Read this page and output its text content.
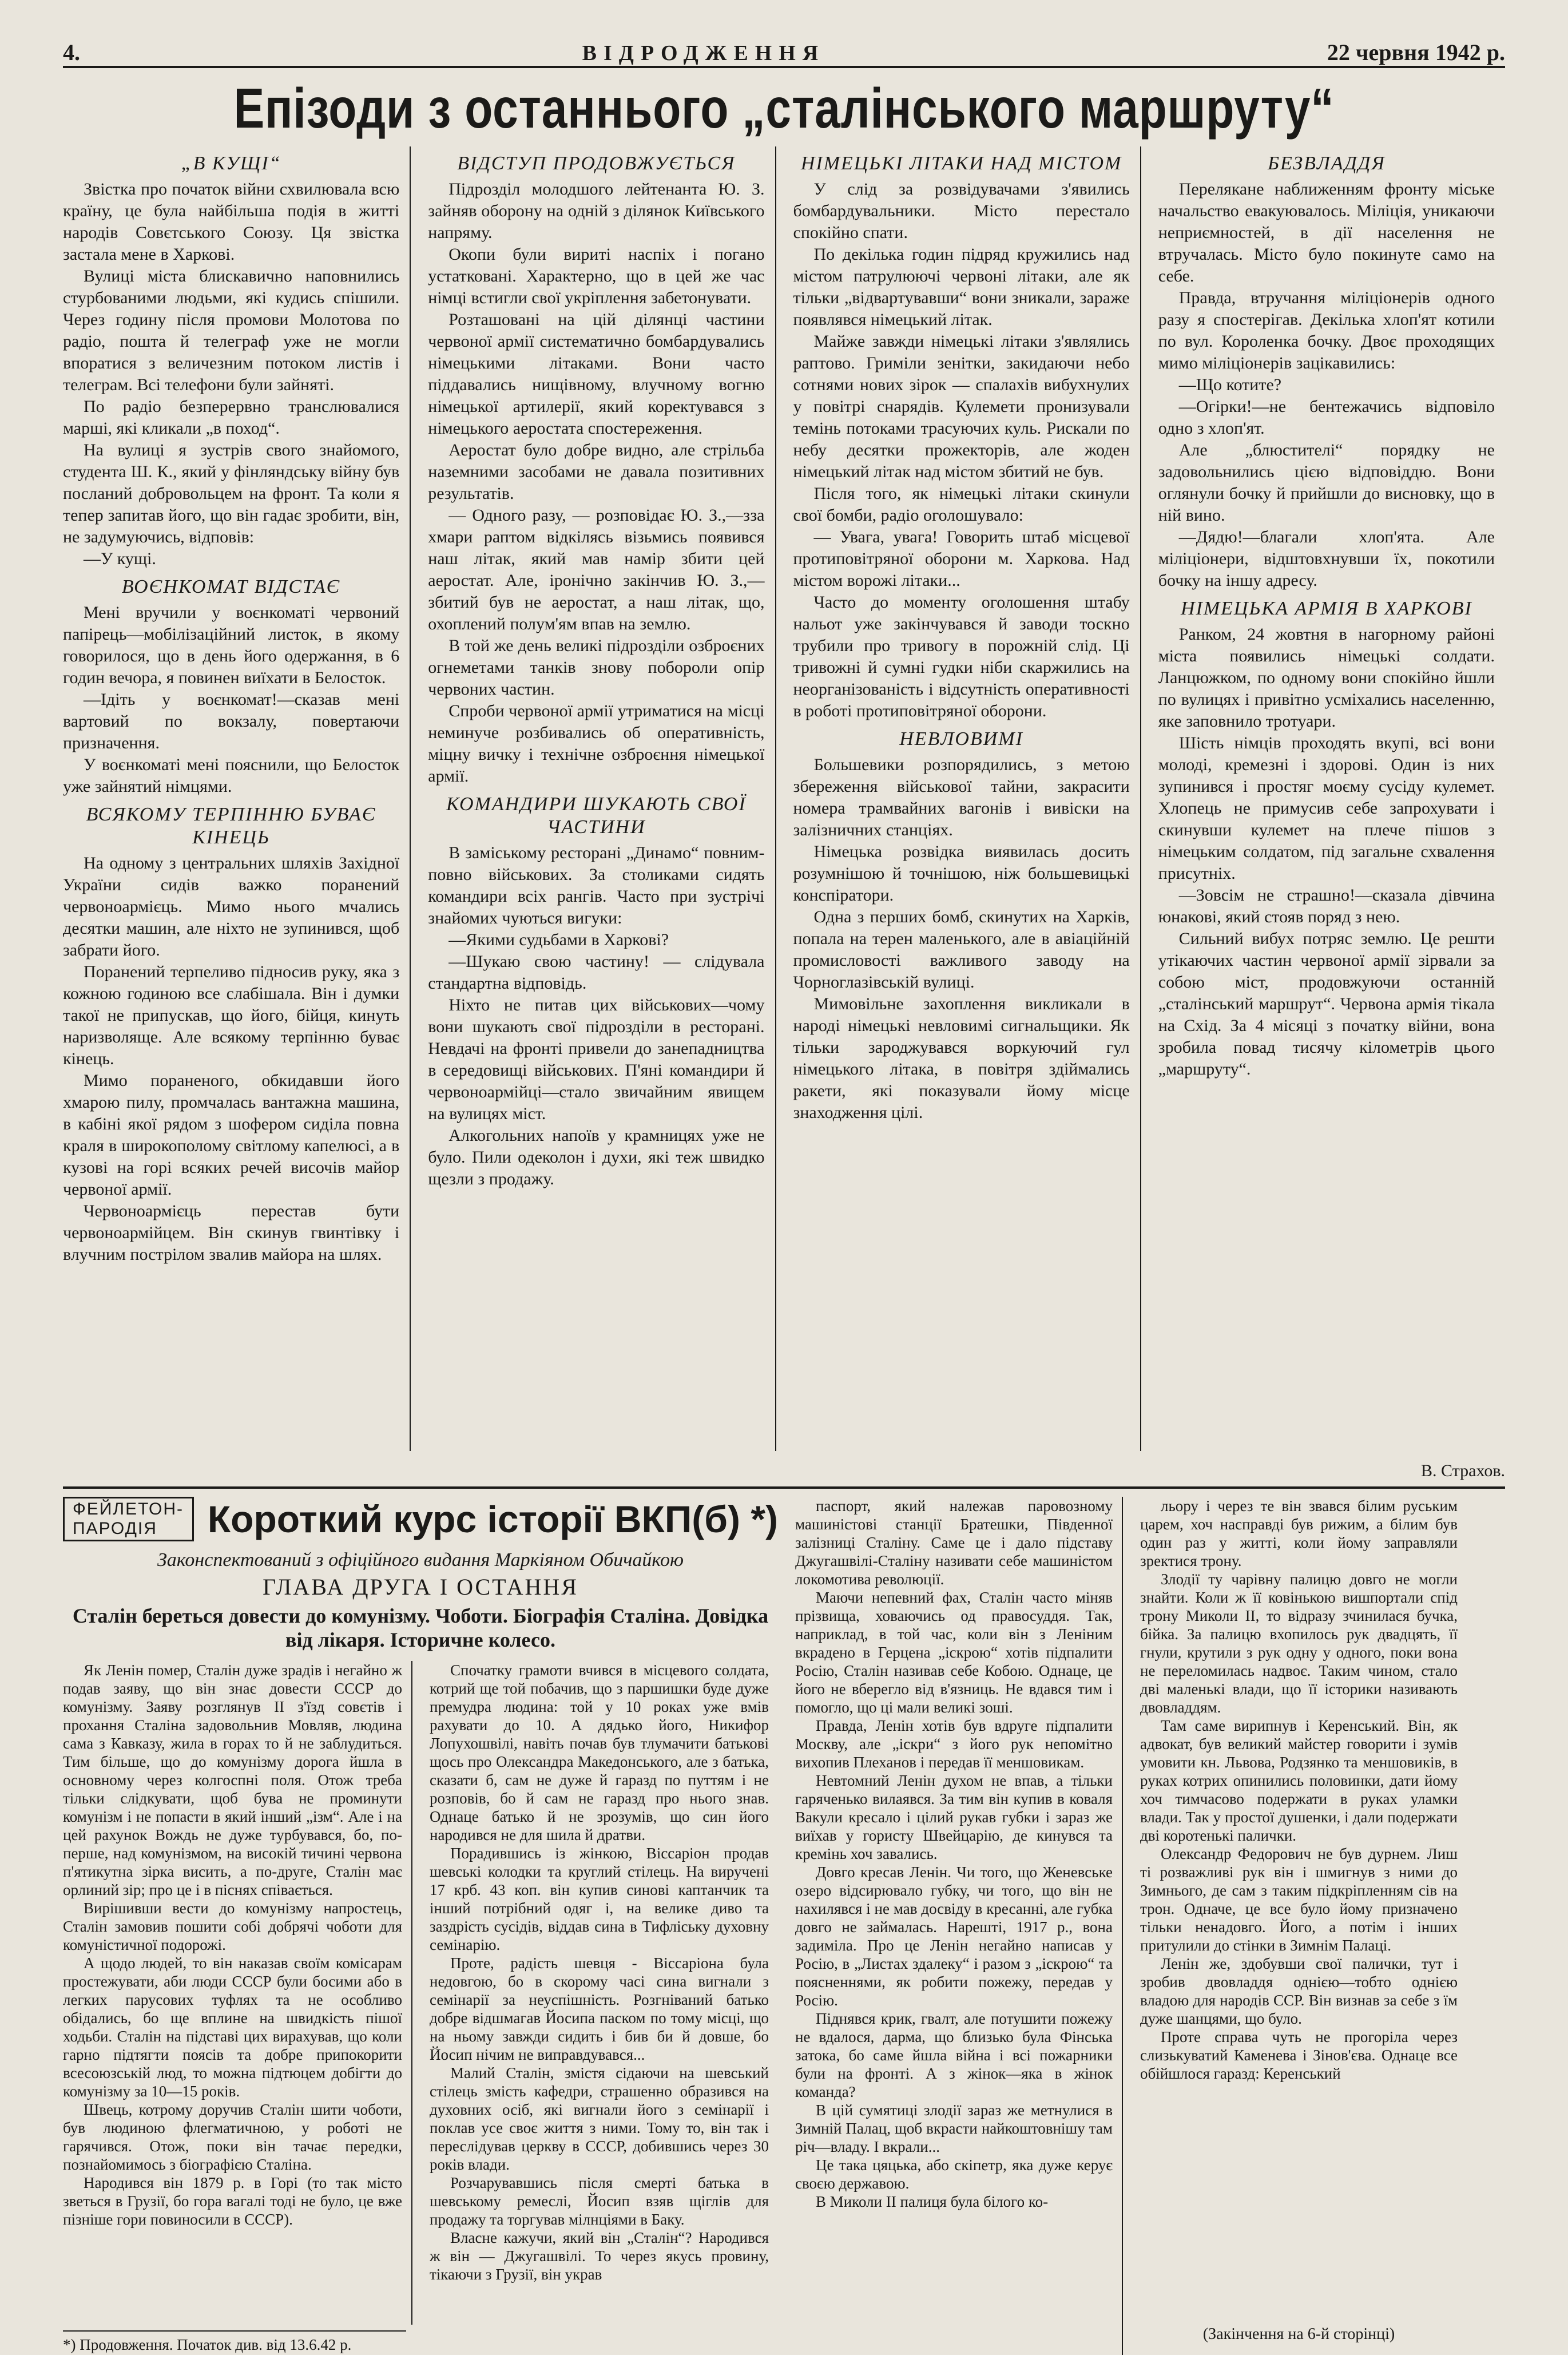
4.	ВІДРОДЖЕННЯ	22 червня 1942 р.
Епізоди з останнього „сталінського маршруту“
„В КУЩІ“

Звістка про початок війни схвилювала всю країну, це була найбільша подія в житті народів Совєтського Союзу. Ця звістка застала мене в Харкові.

Вулиці міста блискавично наповнились стурбованими людьми, які кудись спішили. Через годину після промови Молотова по радіо, пошта й телеграф уже не могли впоратися з величезним потоком листів і телеграм. Всі телефони були зайняті.

По радіо безперервно транслювалися марші, які кликали „в поход“.

На вулиці я зустрів свого знайомого, студента Ш. К., який у фінляндську війну був посланий добровольцем на фронт. Та коли я тепер запитав його, що він гадає зробити, він, не задумуючись, відповів:

—У кущі.

ВОЄНКОМАТ ВІДСТАЄ

Мені вручили у воєнкоматі червоний папірець—мобілізаційний листок, в якому говорилося, що в день його одержання, в 6 годин вечора, я повинен виїхати в Белосток.

—Ідіть у воєнкомат!—сказав мені вартовий по вокзалу, повертаючи призначення.

У воєнкоматі мені пояснили, що Белосток уже зайнятий німцями.

ВСЯКОМУ ТЕРПІННЮ БУВАЄ КІНЕЦЬ

На одному з центральних шляхів Західної України сидів важко поранений червоноармієць. Мимо нього мчались десятки машин, але ніхто не зупинився, щоб забрати його.

Поранений терпеливо підносив руку, яка з кожною годиною все слабішала. Він і думки такої не припускав, що його, бійця, кинуть наризволяще. Але всякому терпінню буває кінець.

Мимо пораненого, обкидавши його хмарою пилу, промчалась вантажна машина, в кабіні якої рядом з шофером сиділа повна краля в широкополому світлому капелюсі, а в кузові на горі всяких речей височів майор червоної армії.

Червоноармієць перестав бути червоноармійцем. Він скинув гвинтівку і влучним пострілом звалив майора на шлях.

ВІДСТУП ПРОДОВЖУЄТЬСЯ

Підрозділ молодшого лейтенанта Ю. З. зайняв оборону на одній з ділянок Київського напряму.

Окопи були вириті наспіх і погано устатковані. Характерно, що в цей же час німці встигли свої укріплення забетонувати.

Розташовані на цій ділянці частини червоної армії систематично бомбардувались німецькими літаками. Вони часто піддавались нищівному, влучному вогню німецької артилерії, який коректувався з німецького аеростата спостереження.

Аеростат було добре видно, але стрільба наземними засобами не давала позитивних результатів.

— Одного разу, — розповідає Ю. З.,—зза хмари раптом відкілясь візьмись появився наш літак, який мав намір збити цей аеростат. Але, іронічно закінчив Ю. З.,—збитий був не аеростат, а наш літак, що, охоплений полум'ям впав на землю.

В той же день великі підрозділи озброєних огнеметами танків знову побороли опір червоних частин.

Спроби червоної армії утриматися на місці неминуче розбивались об оперативність, міцну вичку і технічне озброєння німецької армії.

КОМАНДИРИ ШУКАЮТЬ СВОЇ ЧАСТИНИ

В заміському ресторані „Динамо“ повним-повно військових. За столиками сидять командири всіх рангів. Часто при зустрічі знайомих чуються вигуки:

—Якими судьбами в Харкові?

—Шукаю свою частину! — слідувала стандартна відповідь.

Ніхто не питав цих військових—чому вони шукають свої підрозділи в ресторані. Невдачі на фронті привели до занепадництва в середовищі військових. П'яні командири й червоноармійці—стало звичайним явищем на вулицях міст.

Алкогольних напоїв у крамницях уже не було. Пили одеколон і духи, які теж швидко щезли з продажу.

НІМЕЦЬКІ ЛІТАКИ НАД МІСТОМ

У слід за розвідувачами з'явились бомбардувальники. Місто перестало спокійно спати.

По декілька годин підряд кружились над містом патрулюючі червоні літаки, але як тільки „відвартувавши“ вони зникали, зараже появлявся німецький літак.

Майже завжди німецькі літаки з'являлись раптово. Гриміли зенітки, закидаючи небо сотнями нових зірок — спалахів вибухнулих у повітрі снарядів. Кулемети пронизували темінь потоками трасуючих куль. Рискали по небу десятки прожекторів, але жоден німецький літак над містом збитий не був.

Після того, як німецькі літаки скинули свої бомби, радіо оголошувало:

— Увага, увага! Говорить штаб місцевої протиповітряної оборони м. Харкова. Над містом ворожі літаки...

Часто до моменту оголошення штабу нальот уже закінчувався й заводи тоскно трубили про тривогу в порожній слід. Ці тривожні й сумні гудки ніби скаржились на неорганізованість і відсутність оперативності в роботі протиповітряної оборони.

НЕВЛОВИМІ

Большевики розпорядились, з метою збереження військової тайни, закрасити номера трамвайних вагонів і вивіски на залізничних станціях.

Німецька розвідка виявилась досить розумнішою й точнішою, ніж большевицькі конспіратори.

Одна з перших бомб, скинутих на Харків, попала на терен маленького, але в авіаційній промисловості важливого заводу на Чорноглазівській вулиці.

Мимовільне захоплення викликали в народі німецькі невловимі сигнальщики. Як тільки зароджувався воркуючий гул німецького літака, в повітря здіймались ракети, які показували йому місце знаходження цілі.

БЕЗВЛАДДЯ

Перелякане наближенням фронту міське начальство евакуювалось. Міліція, уникаючи неприємностей, в дії населення не втручалась. Місто було покинуте само на себе.

Правда, втручання міліціонерів одного разу я спостерігав. Декілька хлоп'ят котили по вул. Короленка бочку. Двоє проходящих мимо міліціонерів зацікавились:

—Що котите?

—Огірки!—не бентежачись відповіло одно з хлоп'ят.

Але „блюстителі“ порядку не задовольнились цією відповіддю. Вони оглянули бочку й прийшли до висновку, що в ній вино.

—Дядю!—благали хлоп'ята. Але міліціонери, відштовхнувши їх, покотили бочку на іншу адресу.

НІМЕЦЬКА АРМІЯ В ХАРКОВІ

Ранком, 24 жовтня в нагорному районі міста появились німецькі солдати. Ланцюжком, по одному вони спокійно йшли по вулицях і привітно усміхались населенню, яке заповнило тротуари.

Шість німців проходять вкупі, всі вони молоді, кремезні і здорові. Один із них зупинився і простяг моєму сусіду кулемет. Хлопець не примусив себе запрохувати і скинувши кулемет на плече пішов з німецьким солдатом, під загальне схвалення присутніх.

—Зовсім не страшно!—сказала дівчина юнакові, який стояв поряд з нею.

Сильний вибух потряс землю. Це решти утікаючих частин червоної армії зірвали за собою міст, продовжуючи останній „сталінський маршрут“. Червона армія тікала на Схід. За 4 місяці з початку війни, вона зробила повад тисячу кілометрів цього „маршруту“.

В. Страхов.
ФЕЙЛЕТОН-ПАРОДІЯ	Короткий курс історії ВКП(б) *)
Законспектований з офіційного видання Маркіяном Обичайкою
ГЛАВА ДРУГА І ОСТАННЯ
Сталін береться довести до комунізму. Чоботи. Біографія Сталіна. Довідка від лікаря. Історичне колесо.

Як Ленін помер, Сталін дуже зрадів і негайно ж подав заяву, що він знає довести СССР до комунізму. Заяву розглянув II з'їзд совєтів і прохання Сталіна задовольнив Мовляв, людина сама з Кавказу, жила в горах то й не заблудиться. Тим більше, що до комунізму дорога йшла в основному через колгоспні поля. Отож треба тільки слідкувати, щоб бува не проминути комунізм і не попасти в який інший „ізм“. Але і на цей рахунок Вождь не дуже турбувався, бо, по-перше, над комунізмом, на високій тичині червона п'ятикутна зірка висить, а по-друге, Сталін має орлиний зір; про це і в піснях співається.

Вирішивши вести до комунізму напростець, Сталін замовив пошити собі добрячі чоботи для комуністичної подорожі.

А щодо людей, то він наказав своїм комісарам простежувати, аби люди СССР були босими або в легких парусових туфлях та не особливо обідались, бо ще вплине на швидкість пішої ходьби. Сталін на підставі цих вирахував, що коли гарно підтягти поясів та добре припокорити всесоюзській люд, то можна підтюцем добігти до комунізму за 10—15 років.

Швець, котрому доручив Сталін шити чоботи, був людиною флегматичною, у роботі не гарячився. Отож, поки він тачає передки, познайомимось з біографією Сталіна.

Народився він 1879 р. в Горі (то так місто зветься в Грузії, бо гора вагалі тоді не було, це вже пізніше гори повиносили в СССР).

Спочатку грамоти вчився в місцевого солдата, котрий ще той побачив, що з паршишки буде дуже премудра людина: той у 10 роках уже вмів рахувати до 10. А дядько його, Никифор Лопухошвілі, навіть почав був тлумачити батькові щось про Олександра Македонського, але з батька, сказати б, сам не дуже й гаразд по путтям і не розповів, бо й сам не гаразд про нього знав. Однаце батько й не зрозумів, що син його народився не для шила й дратви.

Порадившись із жінкою, Віссаріон продав шевські колодки та круглий стілець. На виручені 17 крб. 43 коп. він купив синові каптанчик та інший потрібний одяг і, на велике диво та заздрість сусідів, віддав сина в Тифліську духовну семінарію.

Проте, радість шевця - Віссаріона була недовгою, бо в скорому часі сина вигнали з семінарії за неуспішність. Розгніваний батько добре відшмагав Йосипа паском по тому місці, що на ньому завжди сидить і бив би й довше, бо Йосип нічим не виправдувався...

Малий Сталін, змістя сідаючи на шевський стілець змість кафедри, страшенно образився на духовних осіб, які вигнали його з семінарії і поклав усе своє життя з ними. Тому то, він так і переслідував церкву в СССР, добившись через 30 років влади.

Розчарувавшись після смерті батька в шевському ремеслі, Йосип взяв щіглів для продажу та торгував мілнціями в Баку.

Власне кажучи, який він „Сталін“? Народився ж він — Джугашвілі. То через якусь провину, тікаючи з Грузії, він украв

*) Продовження. Початок див. від 13.6.42 р.

паспорт, який належав паровозному машиністові станції Братешки, Південної залізниці Сталіну. Саме це і дало підставу Джугашвілі-Сталіну називати себе машиністом локомотива революції.

Маючи непевний фах, Сталін часто міняв прізвища, ховаючись од правосуддя. Так, наприклад, в той час, коли він з Леніним вкрадено в Герцена „іскрою“ хотів підпалити Росію, Сталін називав себе Кобою. Однаце, це його не вберегло від в'язниць. Не вдався тим і помогло, що ці мали великі зоші.

Правда, Ленін хотів був вдруге підпалити Москву, але „іскри“ з його рук непомітно вихопив Плеханов і передав її меншовикам.

Невтомний Ленін духом не впав, а тільки гаряченько вилаявся. За тим він купив в коваля Вакули кресало і цілий рукав губки і зараз же виїхав у гористу Швейцарію, де кинувся та кремінь хоч завались.

Довго кресав Ленін. Чи того, що Женевське озеро відсирювало губку, чи того, що він не нахилявся і не мав досвіду в кресанні, але губка довго не займалась. Нарешті, 1917 р., вона задиміла. Про це Ленін негайно написав у Росію, в „Листах здалеку“ і разом з „іскрою“ та поясненнями, як робити пожежу, передав у Росію.

Піднявся крик, гвалт, але потушити пожежу не вдалося, дарма, що близько була Фінська затока, бо саме йшла війна і всі пожарники були на фронті. А з жінок—яка в жінок команда?

В цій сумятиці злодії зараз же метнулися в Зимній Палац, щоб вкрасти найкоштовнішу там річ—владу. І вкрали...

Це така цяцька, або скіпетр, яка дуже керує своєю державою.

В Миколи II палиця була білого ко-

льору і через те він звався білим руським царем, хоч насправді був рижим, а білим був один раз у житті, коли йому заправляли зректися трону.

Злодії ту чарівну палицю довго не могли знайти. Коли ж її ковінькою вишпортали спід трону Миколи II, то відразу зчинилася бучка, бійка. За палицю вхопилось рук двадцять, її гнули, крутили з рук одну у одного, поки вона не переломилась надвоє. Таким чином, стало дві маленькі влади, що її історики називають двовладдям.

Там саме вирипнув і Керенський. Він, як адвокат, був великий майстер говорити і зумів умовити кн. Львова, Родзянко та меншовиків, в руках котрих опинились половинки, дати йому хоч тимчасово подержати в руках уламки влади. Так у простої душенки, і дали подержати дві коротенькі палички.

Олександр Федорович не був дурнем. Лиш ті розважливі рук він і шмигнув з ними до Зимнього, де сам з таким підкріпленням сів на трон. Одначе, це все було йому призначено тільки ненадовго. Його, а потім і інших притулили до стінки в Зимнім Палаці.

Ленін же, здобувши свої палички, тут і зробив двовладдя однією—тобто однією владою для народів ССР. Він визнав за себе з їм дуже шанцями, що було.

Проте справа чуть не прогоріла через слизькуватий Каменева і Зінов'єва. Однаце все обійшлося гаразд: Керенський

(Закінчення на 6-й сторінці)
